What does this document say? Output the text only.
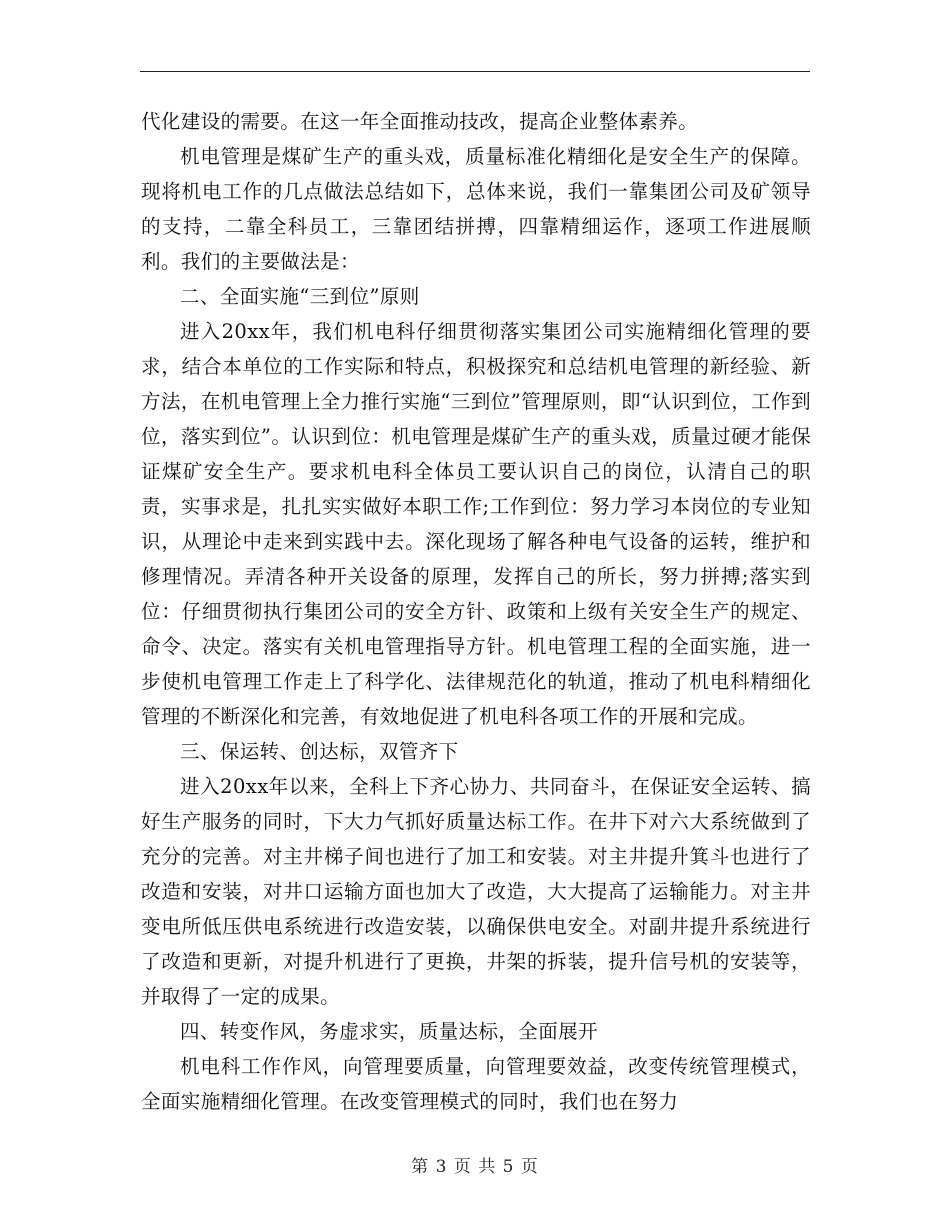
代化建设的需要。在这一年全面推动技改，提高企业整体素养。

机电管理是煤矿生产的重头戏，质量标准化精细化是安全生产的保障。现将机电工作的几点做法总结如下，总体来说，我们一靠集团公司及矿领导的支持，二靠全科员工，三靠团结拼搏，四靠精细运作，逐项工作进展顺利。我们的主要做法是：

二、全面实施“三到位”原则

进入20xx年，我们机电科仔细贯彻落实集团公司实施精细化管理的要求，结合本单位的工作实际和特点，积极探究和总结机电管理的新经验、新方法，在机电管理上全力推行实施“三到位”管理原则，即“认识到位，工作到位，落实到位”。认识到位：机电管理是煤矿生产的重头戏，质量过硬才能保证煤矿安全生产。要求机电科全体员工要认识自己的岗位，认清自己的职责，实事求是，扎扎实实做好本职工作;工作到位：努力学习本岗位的专业知识，从理论中走来到实践中去。深化现场了解各种电气设备的运转，维护和修理情况。弄清各种开关设备的原理，发挥自己的所长，努力拼搏;落实到位：仔细贯彻执行集团公司的安全方针、政策和上级有关安全生产的规定、命令、决定。落实有关机电管理指导方针。机电管理工程的全面实施，进一步使机电管理工作走上了科学化、法律规范化的轨道，推动了机电科精细化管理的不断深化和完善，有效地促进了机电科各项工作的开展和完成。

三、保运转、创达标，双管齐下

进入20xx年以来，全科上下齐心协力、共同奋斗，在保证安全运转、搞好生产服务的同时，下大力气抓好质量达标工作。在井下对六大系统做到了充分的完善。对主井梯子间也进行了加工和安装。对主井提升箕斗也进行了改造和安装，对井口运输方面也加大了改造，大大提高了运输能力。对主井变电所低压供电系统进行改造安装，以确保供电安全。对副井提升系统进行了改造和更新，对提升机进行了更换，井架的拆装，提升信号机的安装等，并取得了一定的成果。

四、转变作风，务虚求实，质量达标，全面展开

机电科工作作风，向管理要质量，向管理要效益，改变传统管理模式，全面实施精细化管理。在改变管理模式的同时，我们也在努力

第 3 页 共 5 页
